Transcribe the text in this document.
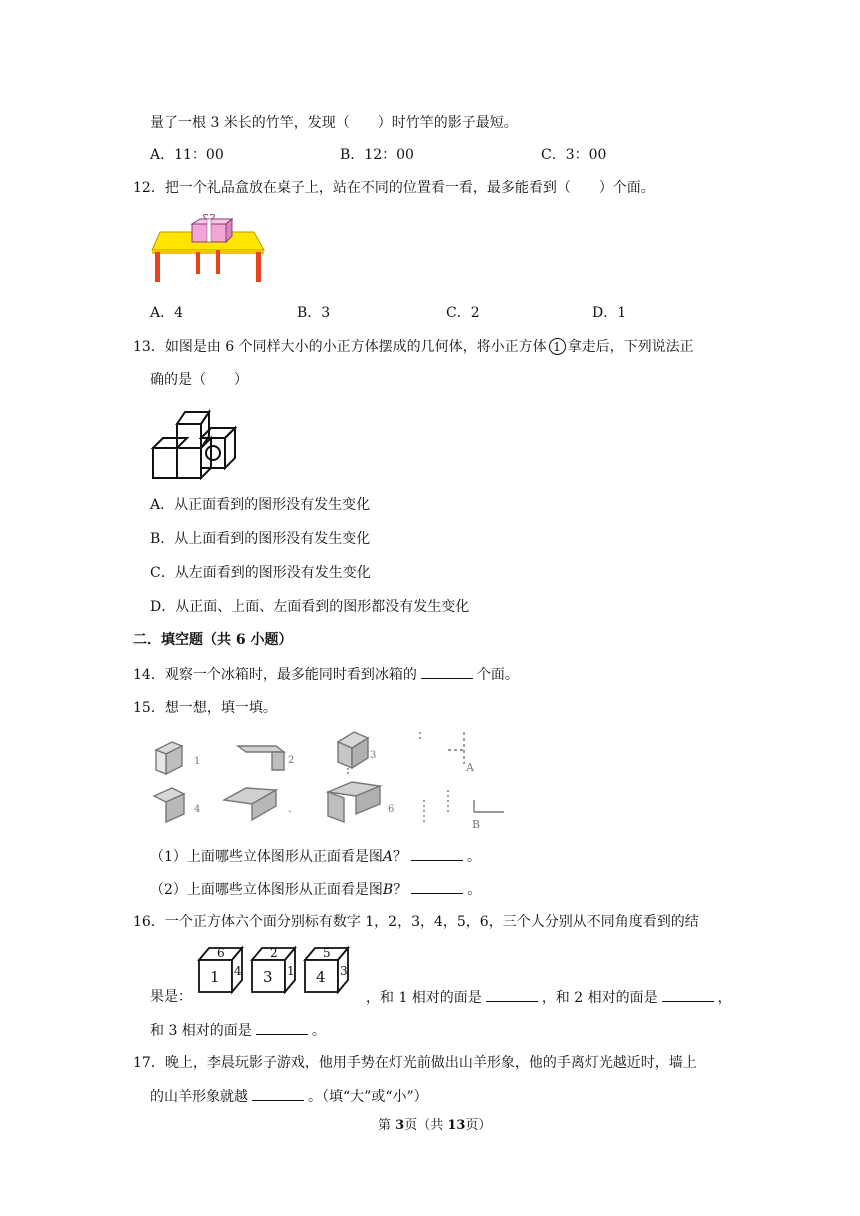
量了一根 3 米长的竹竿，发现（　　）时竹竿的影子最短。
A．11：00	B．12：00	C．3：00
12．把一个礼品盒放在桌子上，站在不同的位置看一看，最多能看到（　　）个面。
A．4	B．3	C．2	D．1
13．如图是由 6 个同样大小的小正方体摆成的几何体，将小正方体 1 拿走后，下列说法正
确的是（　　）
A．从正面看到的图形没有发生变化
B．从上面看到的图形没有发生变化
C．从左面看到的图形没有发生变化
D．从正面、上面、左面看到的图形都没有发生变化
二．填空题（共 6 小题）
14．观察一个冰箱时，最多能同时看到冰箱的	个面。
15．想一想，填一填。
1	2	3
4	、	6
A
B
（1）上面哪些立体图形从正面看是图A？	。
（2）上面哪些立体图形从正面看是图B？	。
16．一个正方体六个面分别标有数字 1，2，3，4，5，6，三个人分别从不同角度看到的结
果是：
6
1 4
2
3 1
5
4 3
，和 1 相对的面是	，和 2 相对的面是	，
和 3 相对的面是	。
17．晚上，李晨玩影子游戏，他用手势在灯光前做出山羊形象，他的手离灯光越近时，墙上
的山羊形象就越	。（填“大”或“小”）
第 3页（共 13页）
